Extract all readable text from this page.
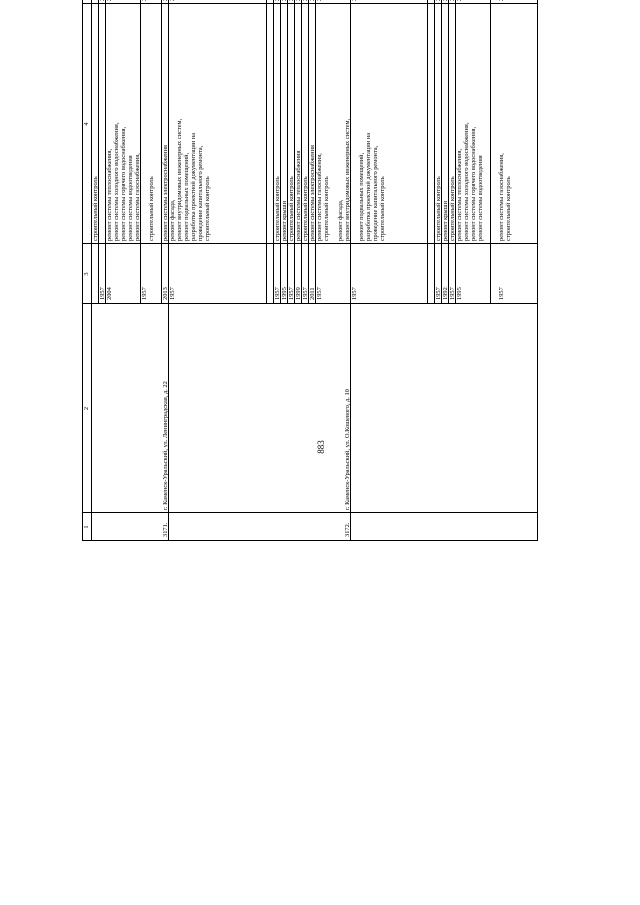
883
1
2
3
4
3171.
г. Каменск-Уральский, ул. Ленинградская, д. 22
3172.
г. Каменск-Уральский, ул. О.Кошевого, д. 10
строительный контроль
1957 2004
ремонт системы теплоснабжения, ремонт системы холодного водоснабжения, ремонт системы горячего водоснабжения, ремонт системы водоотведения ремонт системы газоснабжения,
1957
строительный контроль
2013
ремонт системы электроснабжения
1957
ремонт фасада, ремонт внутридомовых инженерных систем, ремонт подвальных помещений, разработка проектной документации на проведение капитального ремонта, строительный контроль
1957
строительный контроль
1995
ремонт крыши
1957
строительный контроль
1999
ремонт системы теплоснабжения
1957
строительный контроль
2011
ремонт системы электроснабжения
1957
ремонт системы газоснабжения, строительный контроль ремонт фасада, ремонт внутридомовых инженерных систем,
1957
ремонт подвальных помещений, разработка проектной документации на проведение капитального ремонта, строительный контроль
1957
строительный контроль
1992
ремонт крыши
1957
строительный контроль
1995
ремонт системы теплоснабжения, ремонт системы холодного водоснабжения, ремонт системы горячего водоснабжения, ремонт системы водоотведения
1957
ремонт системы газоснабжения, строительный контроль
